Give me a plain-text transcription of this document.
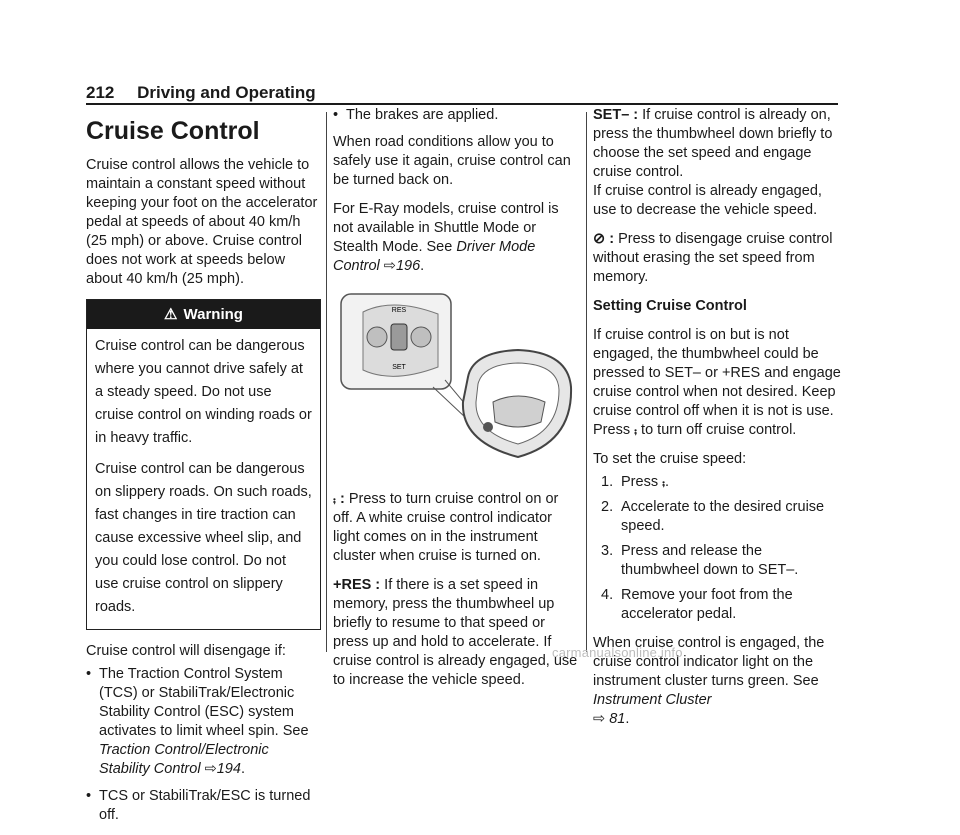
212 Driving and Operating
Cruise Control

Cruise control allows the vehicle to maintain a constant speed without keeping your foot on the accelerator pedal at speeds of about 40 km/h (25 mph) or above. Cruise control does not work at speeds below about 40 km/h (25 mph).

⚠︎ Warning

Cruise control can be dangerous where you cannot drive safely at a steady speed. Do not use cruise control on winding roads or in heavy traffic.

Cruise control can be dangerous on slippery roads. On such roads, fast changes in tire traction can cause excessive wheel slip, and you could lose control. Do not use cruise control on slippery roads.

Cruise control will disengage if:

• The Traction Control System (TCS) or StabiliTrak/Electronic Stability Control (ESC) system activates to limit wheel spin. See Traction Control/Electronic Stability Control ⇨194.
• TCS or StabiliTrak/ESC is turned off.
• The brakes are applied.

When road conditions allow you to safely use it again, cruise control can be turned back on.

For E-Ray models, cruise control is not available in Shuttle Mode or Stealth Mode. See Driver Mode Control ⇨196.

RES
SET

⨾ : Press to turn cruise control on or off. A white cruise control indicator light comes on in the instrument cluster when cruise is turned on.

+RES : If there is a set speed in memory, press the thumbwheel up briefly to resume to that speed or press up and hold to accelerate. If cruise control is already engaged, use to increase the vehicle speed.

SET– : If cruise control is already on, press the thumbwheel down briefly to choose the set speed and engage cruise control.

If cruise control is already engaged, use to decrease the vehicle speed.

⊘ : Press to disengage cruise control without erasing the set speed from memory.

Setting Cruise Control

If cruise control is on but is not engaged, the thumbwheel could be pressed to SET– or +RES and engage cruise control when not desired. Keep cruise control off when it is not is use. Press ⨾ to turn off cruise control.

To set the cruise speed:

1. Press ⨾.
2. Accelerate to the desired cruise speed.
3. Press and release the thumbwheel down to SET–.
4. Remove your foot from the accelerator pedal.

When cruise control is engaged, the cruise control indicator light on the instrument cluster turns green. See Instrument Cluster
⇨ 81.

carmanualsonline.info
